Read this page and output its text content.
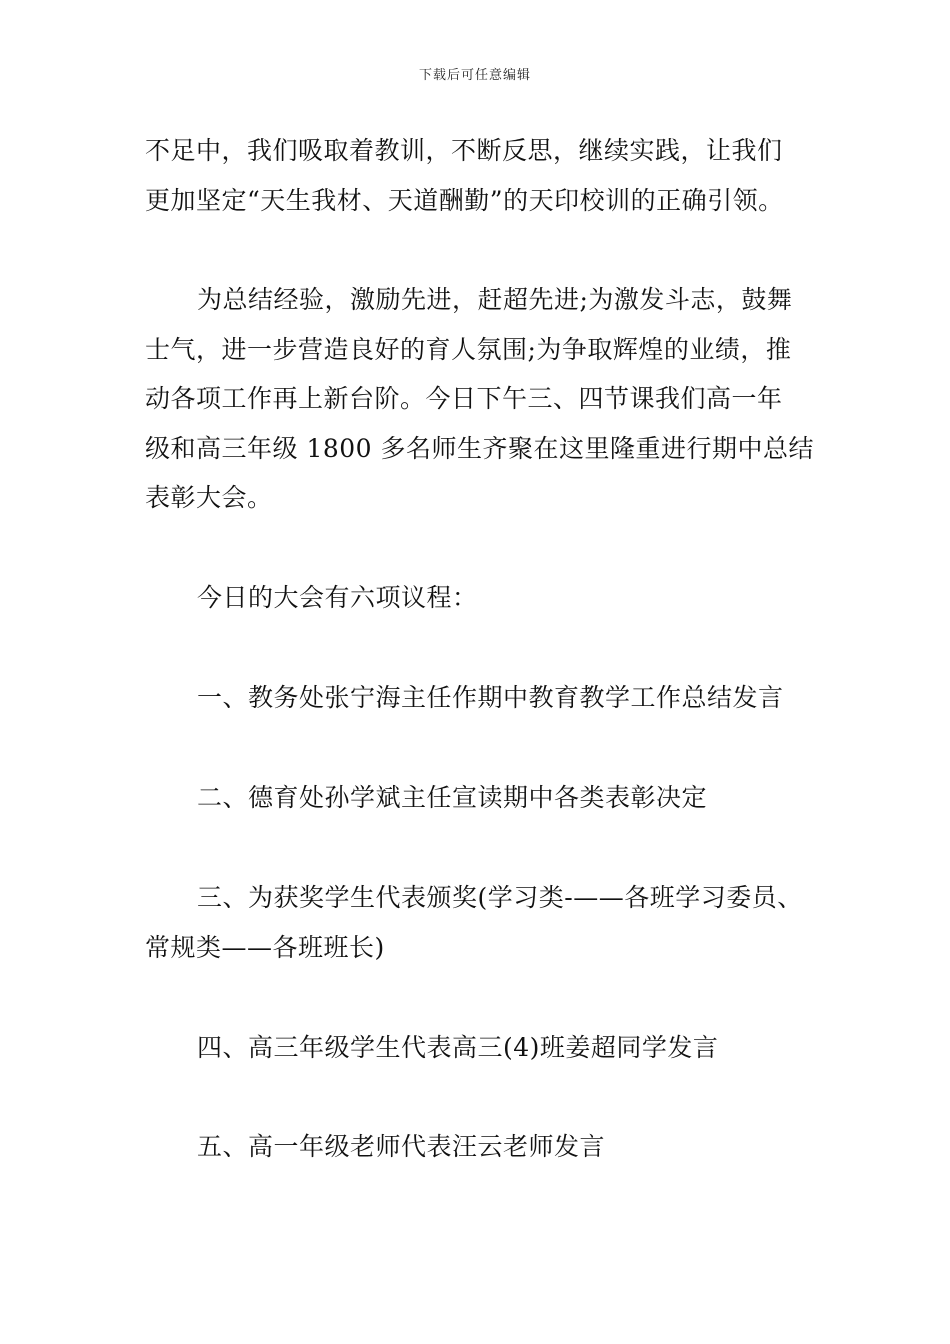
下载后可任意编辑

不足中，我们吸取着教训，不断反思，继续实践，让我们
更加坚定“天生我材、天道酬勤”的天印校训的正确引领。

为总结经验，激励先进，赶超先进;为激发斗志，鼓舞
士气，进一步营造良好的育人氛围;为争取辉煌的业绩，推
动各项工作再上新台阶。今日下午三、四节课我们高一年
级和高三年级 1800 多名师生齐聚在这里隆重进行期中总结
表彰大会。

今日的大会有六项议程：

一、教务处张宁海主任作期中教育教学工作总结发言

二、德育处孙学斌主任宣读期中各类表彰决定

三、为获奖学生代表颁奖(学习类-——各班学习委员、
常规类——各班班长)

四、高三年级学生代表高三(4)班姜超同学发言

五、高一年级老师代表汪云老师发言
